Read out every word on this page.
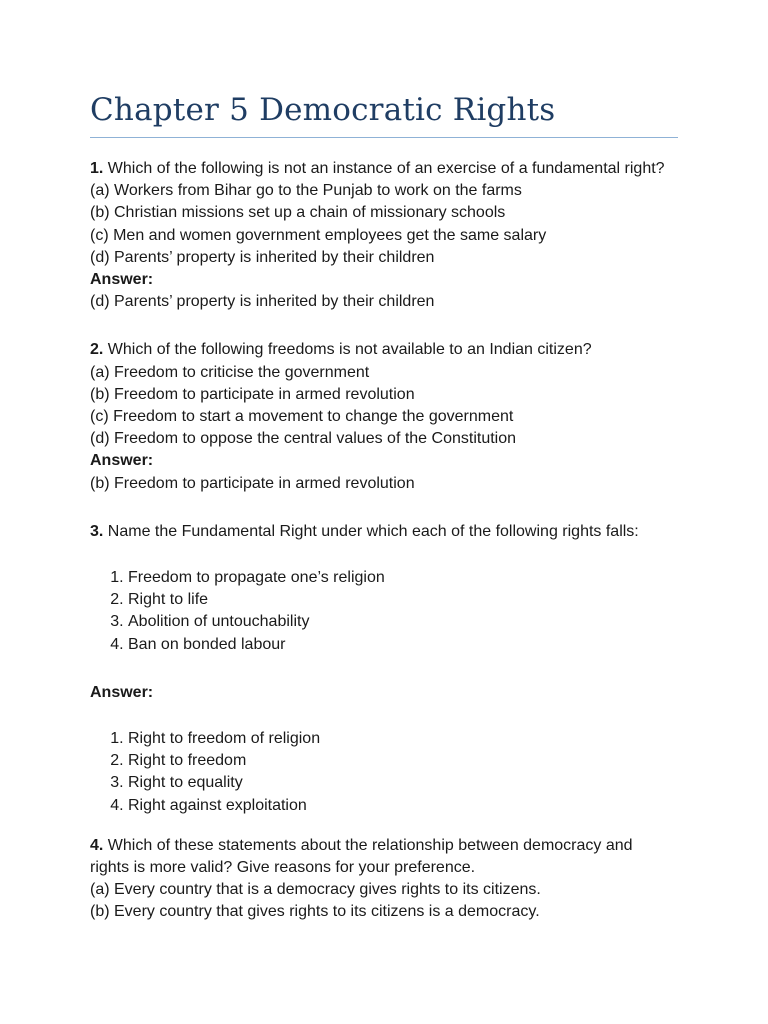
Chapter 5 Democratic Rights
1. Which of the following is not an instance of an exercise of a fundamental right?
(a) Workers from Bihar go to the Punjab to work on the farms
(b) Christian missions set up a chain of missionary schools
(c) Men and women government employees get the same salary
(d) Parents’ property is inherited by their children
Answer:
(d) Parents’ property is inherited by their children
2. Which of the following freedoms is not available to an Indian citizen?
(a) Freedom to criticise the government
(b) Freedom to participate in armed revolution
(c) Freedom to start a movement to change the government
(d) Freedom to oppose the central values of the Constitution
Answer:
(b) Freedom to participate in armed revolution
3. Name the Fundamental Right under which each of the following rights falls:
1. Freedom to propagate one’s religion
2. Right to life
3. Abolition of untouchability
4. Ban on bonded labour
Answer:
1. Right to freedom of religion
2. Right to freedom
3. Right to equality
4. Right against exploitation
4. Which of these statements about the relationship between democracy and
rights is more valid? Give reasons for your preference.
(a) Every country that is a democracy gives rights to its citizens.
(b) Every country that gives rights to its citizens is a democracy.
